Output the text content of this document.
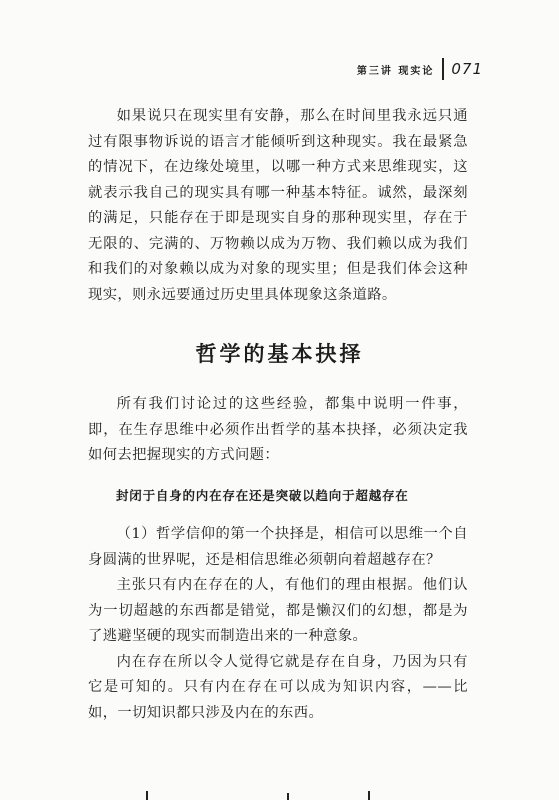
第三讲 现实论 071

如果说只在现实里有安静，那么在时间里我永远只通过有限事物诉说的语言才能倾听到这种现实。我在最紧急的情况下，在边缘处境里，以哪一种方式来思维现实，这就表示我自己的现实具有哪一种基本特征。诚然，最深刻的满足，只能存在于即是现实自身的那种现实里，存在于无限的、完满的、万物赖以成为万物、我们赖以成为我们和我们的对象赖以成为对象的现实里；但是我们体会这种现实，则永远要通过历史里具体现象这条道路。

哲学的基本抉择

所有我们讨论过的这些经验，都集中说明一件事，即，在生存思维中必须作出哲学的基本抉择，必须决定我如何去把握现实的方式问题：

封闭于自身的内在存在还是突破以趋向于超越存在

（1）哲学信仰的第一个抉择是，相信可以思维一个自身圆满的世界呢，还是相信思维必须朝向着超越存在？

主张只有内在存在的人，有他们的理由根据。他们认为一切超越的东西都是错觉，都是懒汉们的幻想，都是为了逃避坚硬的现实而制造出来的一种意象。

内在存在所以令人觉得它就是存在自身，乃因为只有它是可知的。只有内在存在可以成为知识内容，——比如，一切知识都只涉及内在的东西。
